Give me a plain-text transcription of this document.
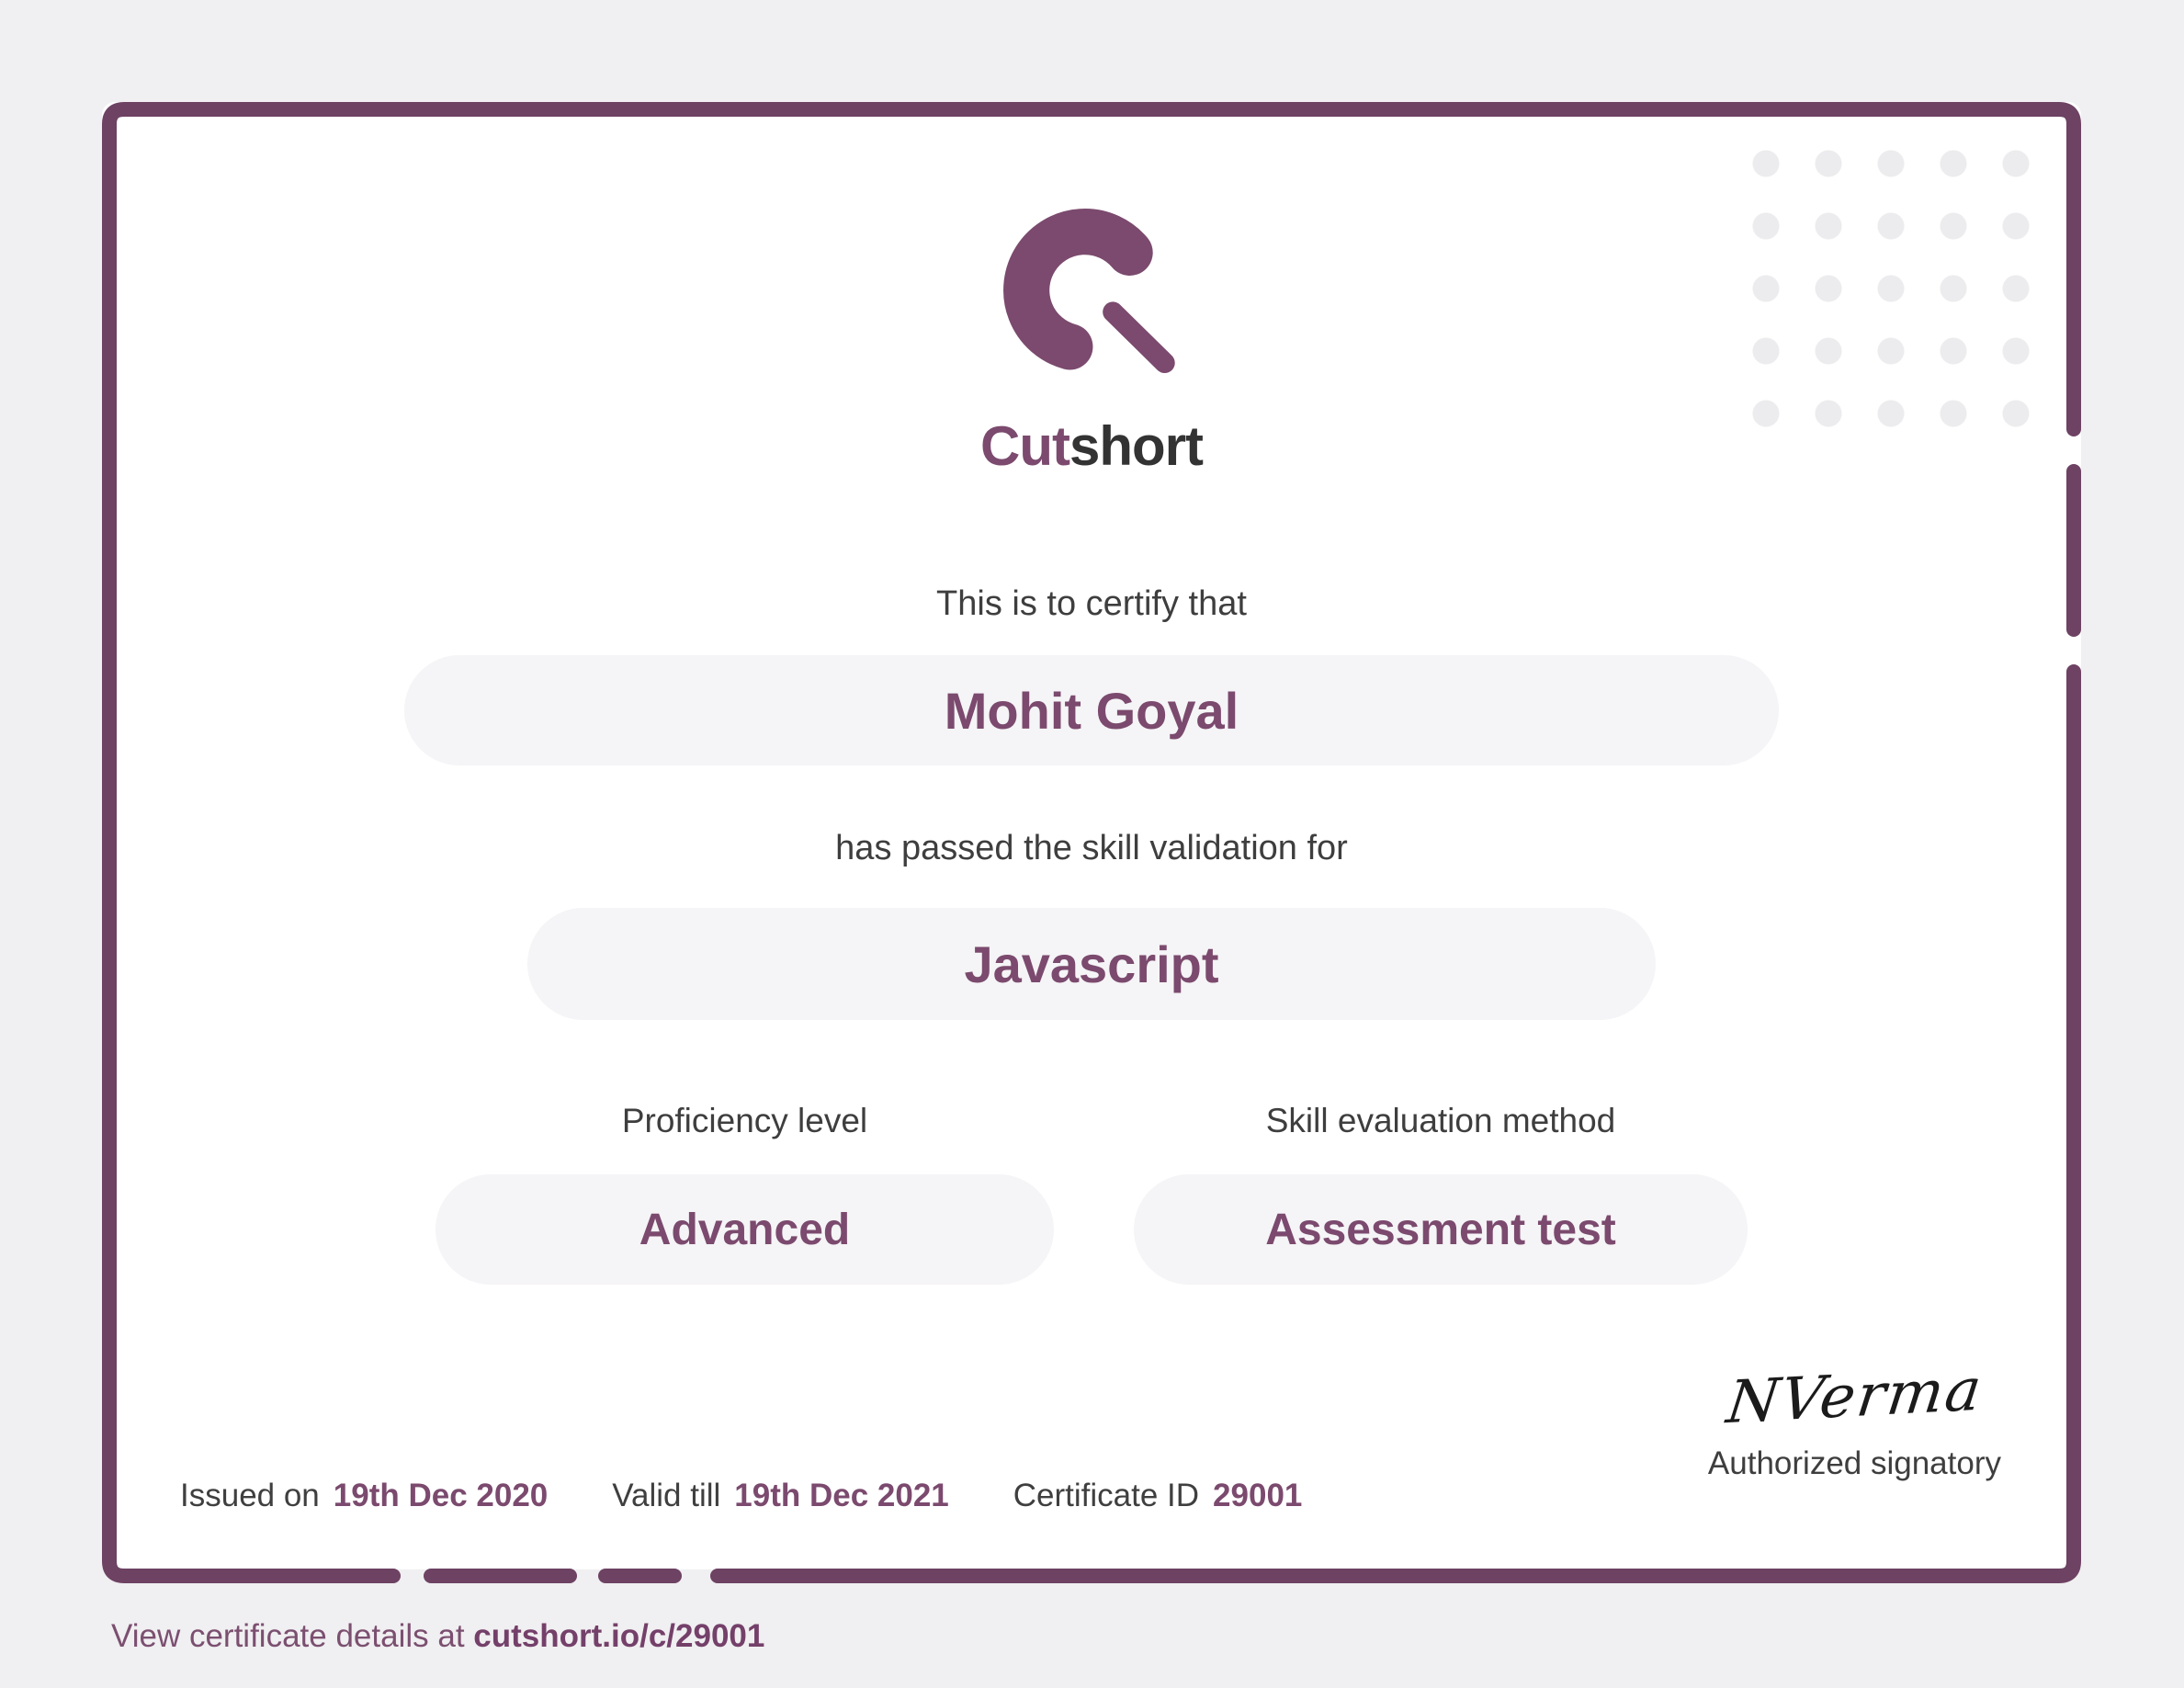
Cutshort
This is to certify that
Mohit Goyal
has passed the skill validation for
Javascript
Proficiency level
Advanced
Skill evaluation method
Assessment test
Issued on 19th Dec 2020 Valid till 19th Dec 2021 Certificate ID 29001
NVerma
Authorized signatory
View certificate details at cutshort.io/c/29001
